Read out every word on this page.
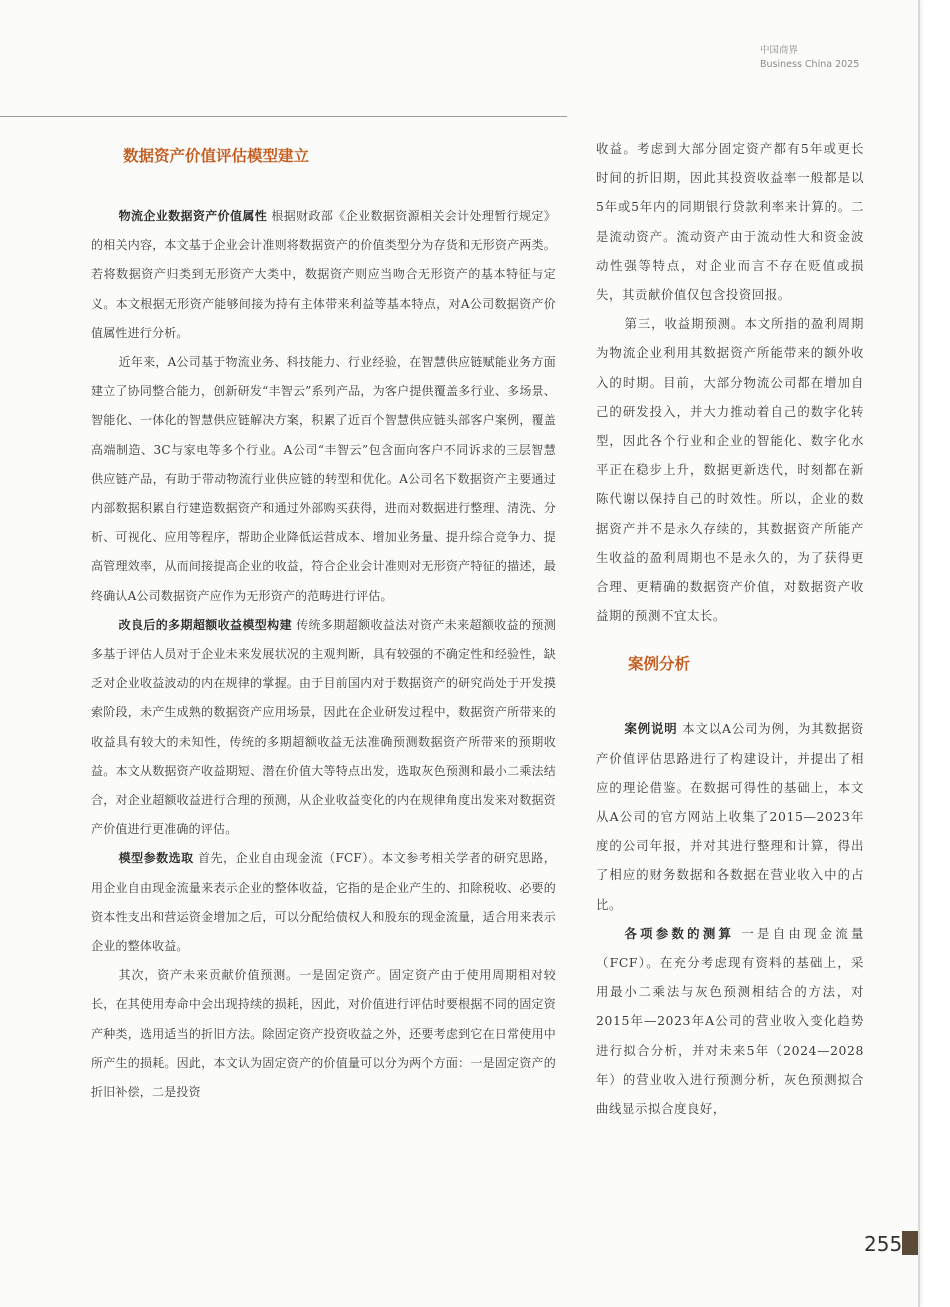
中国商界
Business China 2025
数据资产价值评估模型建立

物流企业数据资产价值属性 根据财政部《企业数据资源相关会计处理暂行规定》的相关内容，本文基于企业会计准则将数据资产的价值类型分为存货和无形资产两类。若将数据资产归类到无形资产大类中，数据资产则应当吻合无形资产的基本特征与定义。本文根据无形资产能够间接为持有主体带来利益等基本特点，对A公司数据资产价值属性进行分析。

近年来，A公司基于物流业务、科技能力、行业经验，在智慧供应链赋能业务方面建立了协同整合能力，创新研发“丰智云”系列产品，为客户提供覆盖多行业、多场景、智能化、一体化的智慧供应链解决方案，积累了近百个智慧供应链头部客户案例，覆盖高端制造、3C与家电等多个行业。A公司“丰智云”包含面向客户不同诉求的三层智慧供应链产品，有助于带动物流行业供应链的转型和优化。A公司名下数据资产主要通过内部数据积累自行建造数据资产和通过外部购买获得，进而对数据进行整理、清洗、分析、可视化、应用等程序，帮助企业降低运营成本、增加业务量、提升综合竞争力、提高管理效率，从而间接提高企业的收益，符合企业会计准则对无形资产特征的描述，最终确认A公司数据资产应作为无形资产的范畴进行评估。

改良后的多期超额收益模型构建 传统多期超额收益法对资产未来超额收益的预测多基于评估人员对于企业未来发展状况的主观判断，具有较强的不确定性和经验性，缺乏对企业收益波动的内在规律的掌握。由于目前国内对于数据资产的研究尚处于开发摸索阶段，未产生成熟的数据资产应用场景，因此在企业研发过程中，数据资产所带来的收益具有较大的未知性，传统的多期超额收益无法准确预测数据资产所带来的预期收益。本文从数据资产收益期短、潜在价值大等特点出发，选取灰色预测和最小二乘法结合，对企业超额收益进行合理的预测，从企业收益变化的内在规律角度出发来对数据资产价值进行更准确的评估。

模型参数选取 首先，企业自由现金流（FCF）。本文参考相关学者的研究思路，用企业自由现金流量来表示企业的整体收益，它指的是企业产生的、扣除税收、必要的资本性支出和营运资金增加之后，可以分配给债权人和股东的现金流量，适合用来表示企业的整体收益。

其次，资产未来贡献价值预测。一是固定资产。固定资产由于使用周期相对较长，在其使用寿命中会出现持续的损耗，因此，对价值进行评估时要根据不同的固定资产种类，选用适当的折旧方法。除固定资产投资收益之外，还要考虑到它在日常使用中所产生的损耗。因此，本文认为固定资产的价值量可以分为两个方面：一是固定资产的折旧补偿，二是投资

收益。考虑到大部分固定资产都有5年或更长时间的折旧期，因此其投资收益率一般都是以5年或5年内的同期银行贷款利率来计算的。二是流动资产。流动资产由于流动性大和资金波动性强等特点，对企业而言不存在贬值或损失，其贡献价值仅包含投资回报。

第三，收益期预测。本文所指的盈利周期为物流企业利用其数据资产所能带来的额外收入的时期。目前，大部分物流公司都在增加自己的研发投入，并大力推动着自己的数字化转型，因此各个行业和企业的智能化、数字化水平正在稳步上升，数据更新迭代，时刻都在新陈代谢以保持自己的时效性。所以，企业的数据资产并不是永久存续的，其数据资产所能产生收益的盈利周期也不是永久的，为了获得更合理、更精确的数据资产价值，对数据资产收益期的预测不宜太长。

案例分析

案例说明 本文以A公司为例，为其数据资产价值评估思路进行了构建设计，并提出了相应的理论借鉴。在数据可得性的基础上，本文从A公司的官方网站上收集了2015—2023年度的公司年报，并对其进行整理和计算，得出了相应的财务数据和各数据在营业收入中的占比。

各项参数的测算 一是自由现金流量（FCF）。在充分考虑现有资料的基础上，采用最小二乘法与灰色预测相结合的方法，对2015年—2023年A公司的营业收入变化趋势进行拟合分析，并对未来5年（2024—2028年）的营业收入进行预测分析，灰色预测拟合曲线显示拟合度良好，

255
